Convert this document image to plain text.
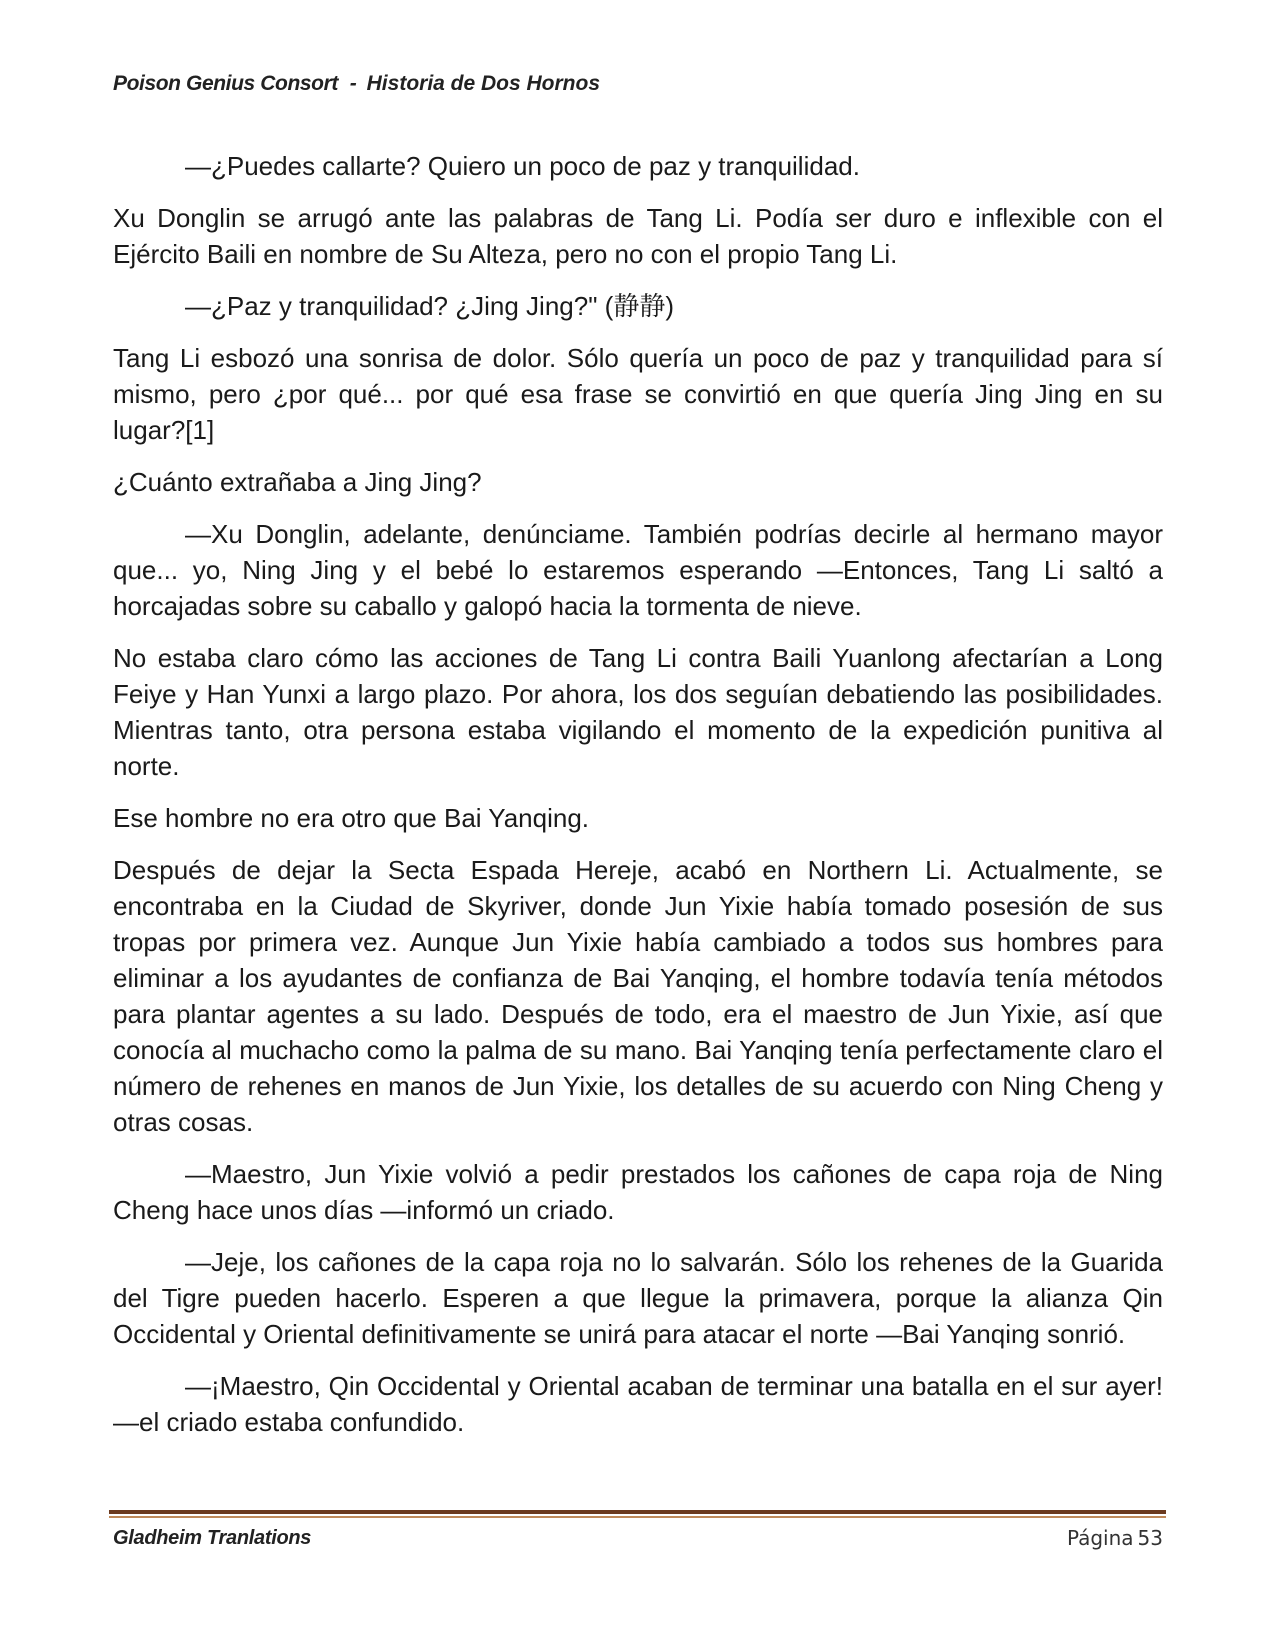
Poison Genius Consort - Historia de Dos Hornos

—¿Puedes callarte? Quiero un poco de paz y tranquilidad.

Xu Donglin se arrugó ante las palabras de Tang Li. Podía ser duro e inflexible con el Ejército Baili en nombre de Su Alteza, pero no con el propio Tang Li.

—¿Paz y tranquilidad? ¿Jing Jing?" (静静)

Tang Li esbozó una sonrisa de dolor. Sólo quería un poco de paz y tranquilidad para sí mismo, pero ¿por qué... por qué esa frase se convirtió en que quería Jing Jing en su lugar?[1]

¿Cuánto extrañaba a Jing Jing?

—Xu Donglin, adelante, denúnciame. También podrías decirle al hermano mayor que... yo, Ning Jing y el bebé lo estaremos esperando —Entonces, Tang Li saltó a horcajadas sobre su caballo y galopó hacia la tormenta de nieve.

No estaba claro cómo las acciones de Tang Li contra Baili Yuanlong afectarían a Long Feiye y Han Yunxi a largo plazo. Por ahora, los dos seguían debatiendo las posibilidades. Mientras tanto, otra persona estaba vigilando el momento de la expedición punitiva al norte.

Ese hombre no era otro que Bai Yanqing.

Después de dejar la Secta Espada Hereje, acabó en Northern Li. Actualmente, se encontraba en la Ciudad de Skyriver, donde Jun Yixie había tomado posesión de sus tropas por primera vez. Aunque Jun Yixie había cambiado a todos sus hombres para eliminar a los ayudantes de confianza de Bai Yanqing, el hombre todavía tenía métodos para plantar agentes a su lado. Después de todo, era el maestro de Jun Yixie, así que conocía al muchacho como la palma de su mano. Bai Yanqing tenía perfectamente claro el número de rehenes en manos de Jun Yixie, los detalles de su acuerdo con Ning Cheng y otras cosas.

—Maestro, Jun Yixie volvió a pedir prestados los cañones de capa roja de Ning Cheng hace unos días —informó un criado.

—Jeje, los cañones de la capa roja no lo salvarán. Sólo los rehenes de la Guarida del Tigre pueden hacerlo. Esperen a que llegue la primavera, porque la alianza Qin Occidental y Oriental definitivamente se unirá para atacar el norte —Bai Yanqing sonrió.

—¡Maestro, Qin Occidental y Oriental acaban de terminar una batalla en el sur ayer! —el criado estaba confundido.

Gladheim Tranlations	Página 53
